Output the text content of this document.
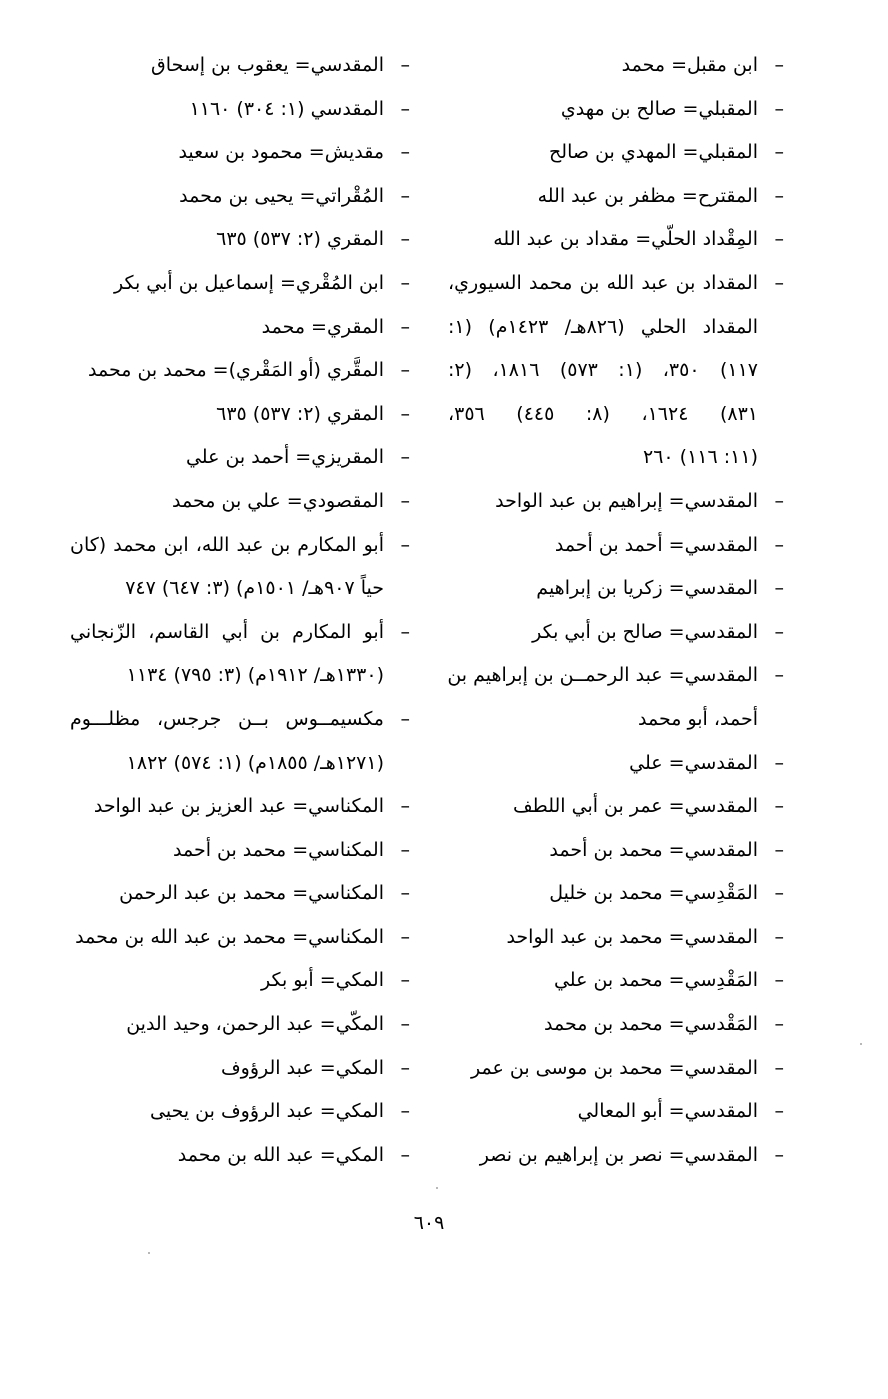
–
ابن مقبل= محمد
–
المقبلي= صالح بن مهدي
–
المقبلي= المهدي بن صالح
–
المقترح= مظفر بن عبد الله
–
المِقْداد الحلّي= مقداد بن عبد الله
–
المقداد بن عبد الله بن محمد السيوري،
المقداد الحلي (٨٢٦هـ/ ١٤٢٣م) (١:
١١٧) ٣٥٠، (١: ٥٧٣) ١٨١٦، (٢:
٨٣١) ١٦٢٤، (٨: ٤٤٥) ٣٥٦،
(١١: ١١٦) ٢٦٠
–
المقدسي= إبراهيم بن عبد الواحد
–
المقدسي= أحمد بن أحمد
–
المقدسي= زكريا بن إبراهيم
–
المقدسي= صالح بن أبي بكر
–
المقدسي= عبد الرحمــن بن إبراهيم بن
أحمد، أبو محمد
–
المقدسي= علي
–
المقدسي= عمر بن أبي اللطف
–
المقدسي= محمد بن أحمد
–
المَقْدِسي= محمد بن خليل
–
المقدسي= محمد بن عبد الواحد
–
المَقْدِسي= محمد بن علي
–
المَقْدسي= محمد بن محمد
–
المقدسي= محمد بن موسى بن عمر
–
المقدسي= أبو المعالي
–
المقدسي= نصر بن إبراهيم بن نصر
–
المقدسي= يعقوب بن إسحاق
–
المقدسي (١: ٣٠٤) ١١٦٠
–
مقديش= محمود بن سعيد
–
المُقْراتي= يحيى بن محمد
–
المقري (٢: ٥٣٧) ٦٣٥
–
ابن المُقْري= إسماعيل بن أبي بكر
–
المقري= محمد
–
المقَّري (أو المَقْري)= محمد بن محمد
–
المقري (٢: ٥٣٧) ٦٣٥
–
المقريزي= أحمد بن علي
–
المقصودي= علي بن محمد
–
أبو المكارم بن عبد الله، ابن محمد (كان
حياً ٩٠٧هـ/ ١٥٠١م) (٣: ٦٤٧) ٧٤٧
–
أبو المكارم بن أبي القاسم، الزّنجاني
(١٣٣٠هـ/ ١٩١٢م) (٣: ٧٩٥) ١١٣٤
–
مكسيمــوس بــن جرجس، مظلـــوم
(١٢٧١هـ/ ١٨٥٥م) (١: ٥٧٤) ١٨٢٢
–
المكناسي= عبد العزيز بن عبد الواحد
–
المكناسي= محمد بن أحمد
–
المكناسي= محمد بن عبد الرحمن
–
المكناسي= محمد بن عبد الله بن محمد
–
المكي= أبو بكر
–
المكّي= عبد الرحمن، وحيد الدين
–
المكي= عبد الرؤوف
–
المكي= عبد الرؤوف بن يحيى
–
المكي= عبد الله بن محمد
٦٠٩
